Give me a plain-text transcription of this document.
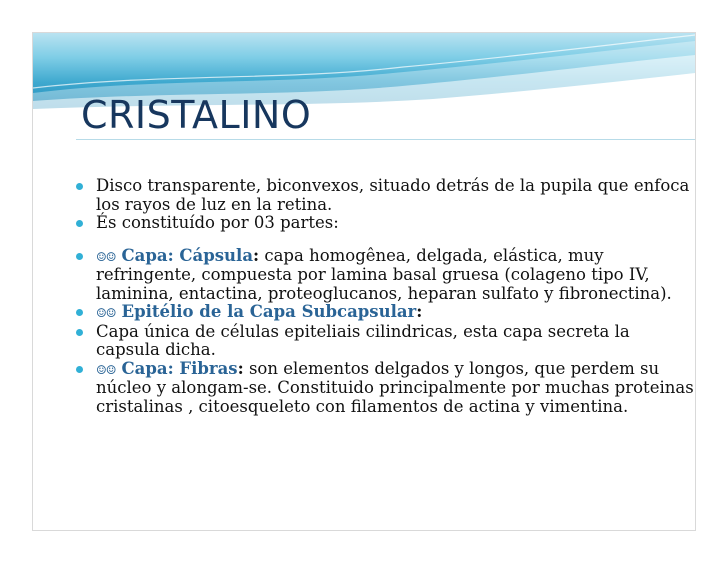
CRISTALINO
Disco transparente, biconvexos, situado detrás de la pupila que enfoca los rayos de luz en la retina.
És constituído por 03 partes:
☺☺ Capa: Cápsula: capa homogênea, delgada, elástica, muy refringente, compuesta por lamina basal gruesa (colageno tipo IV, laminina, entactina, proteoglucanos, heparan sulfato y fibronectina).
☺☺ Epitélio de la Capa Subcapsular:
Capa única de células epiteliais cilindricas, esta capa secreta la capsula dicha.
☺☺ Capa: Fibras: son elementos delgados y longos, que perdem su núcleo y alongam-se. Constituido principalmente por muchas proteinas cristalinas , citoesqueleto con filamentos de actina y vimentina.
